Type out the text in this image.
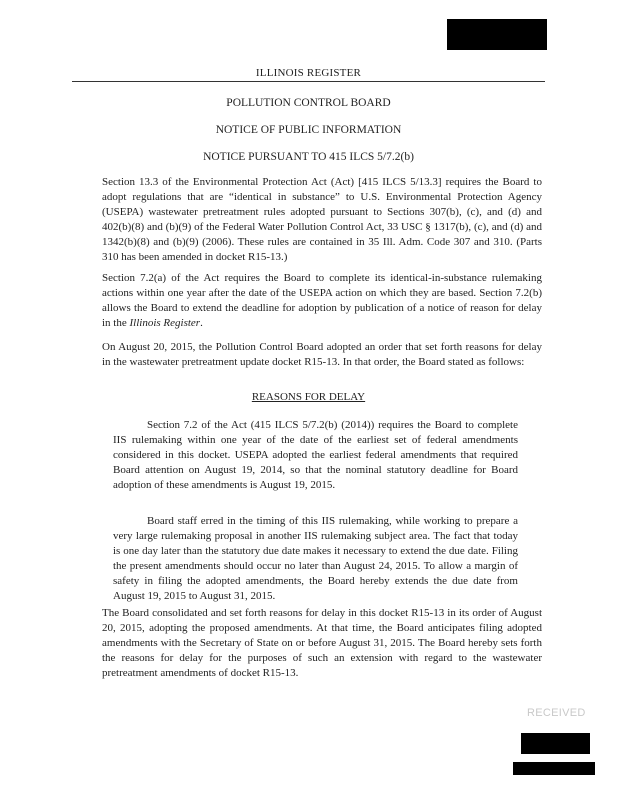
ILLINOIS REGISTER
POLLUTION CONTROL BOARD
NOTICE OF PUBLIC INFORMATION
NOTICE PURSUANT TO 415 ILCS 5/7.2(b)
Section 13.3 of the Environmental Protection Act (Act) [415 ILCS 5/13.3] requires the Board to adopt regulations that are “identical in substance” to U.S. Environmental Protection Agency (USEPA) wastewater pretreatment rules adopted pursuant to Sections 307(b), (c), and (d) and 402(b)(8) and (b)(9) of the Federal Water Pollution Control Act, 33 USC § 1317(b), (c), and (d) and 1342(b)(8) and (b)(9) (2006). These rules are contained in 35 Ill. Adm. Code 307 and 310. (Parts 310 has been amended in docket R15-13.)
Section 7.2(a) of the Act requires the Board to complete its identical-in-substance rulemaking actions within one year after the date of the USEPA action on which they are based. Section 7.2(b) allows the Board to extend the deadline for adoption by publication of a notice of reason for delay in the Illinois Register.
On August 20, 2015, the Pollution Control Board adopted an order that set forth reasons for delay in the wastewater pretreatment update docket R15-13. In that order, the Board stated as follows:
REASONS FOR DELAY
Section 7.2 of the Act (415 ILCS 5/7.2(b) (2014)) requires the Board to complete IIS rulemaking within one year of the date of the earliest set of federal amendments considered in this docket. USEPA adopted the earliest federal amendments that required Board attention on August 19, 2014, so that the nominal statutory deadline for Board adoption of these amendments is August 19, 2015.
Board staff erred in the timing of this IIS rulemaking, while working to prepare a very large rulemaking proposal in another IIS rulemaking subject area. The fact that today is one day later than the statutory due date makes it necessary to extend the due date. Filing the present amendments should occur no later than August 24, 2015. To allow a margin of safety in filing the adopted amendments, the Board hereby extends the due date from August 19, 2015 to August 31, 2015.
The Board consolidated and set forth reasons for delay in this docket R15-13 in its order of August 20, 2015, adopting the proposed amendments. At that time, the Board anticipates filing adopted amendments with the Secretary of State on or before August 31, 2015. The Board hereby sets forth the reasons for delay for the purposes of such an extension with regard to the wastewater pretreatment amendments of docket R15-13.
RECEIVED
